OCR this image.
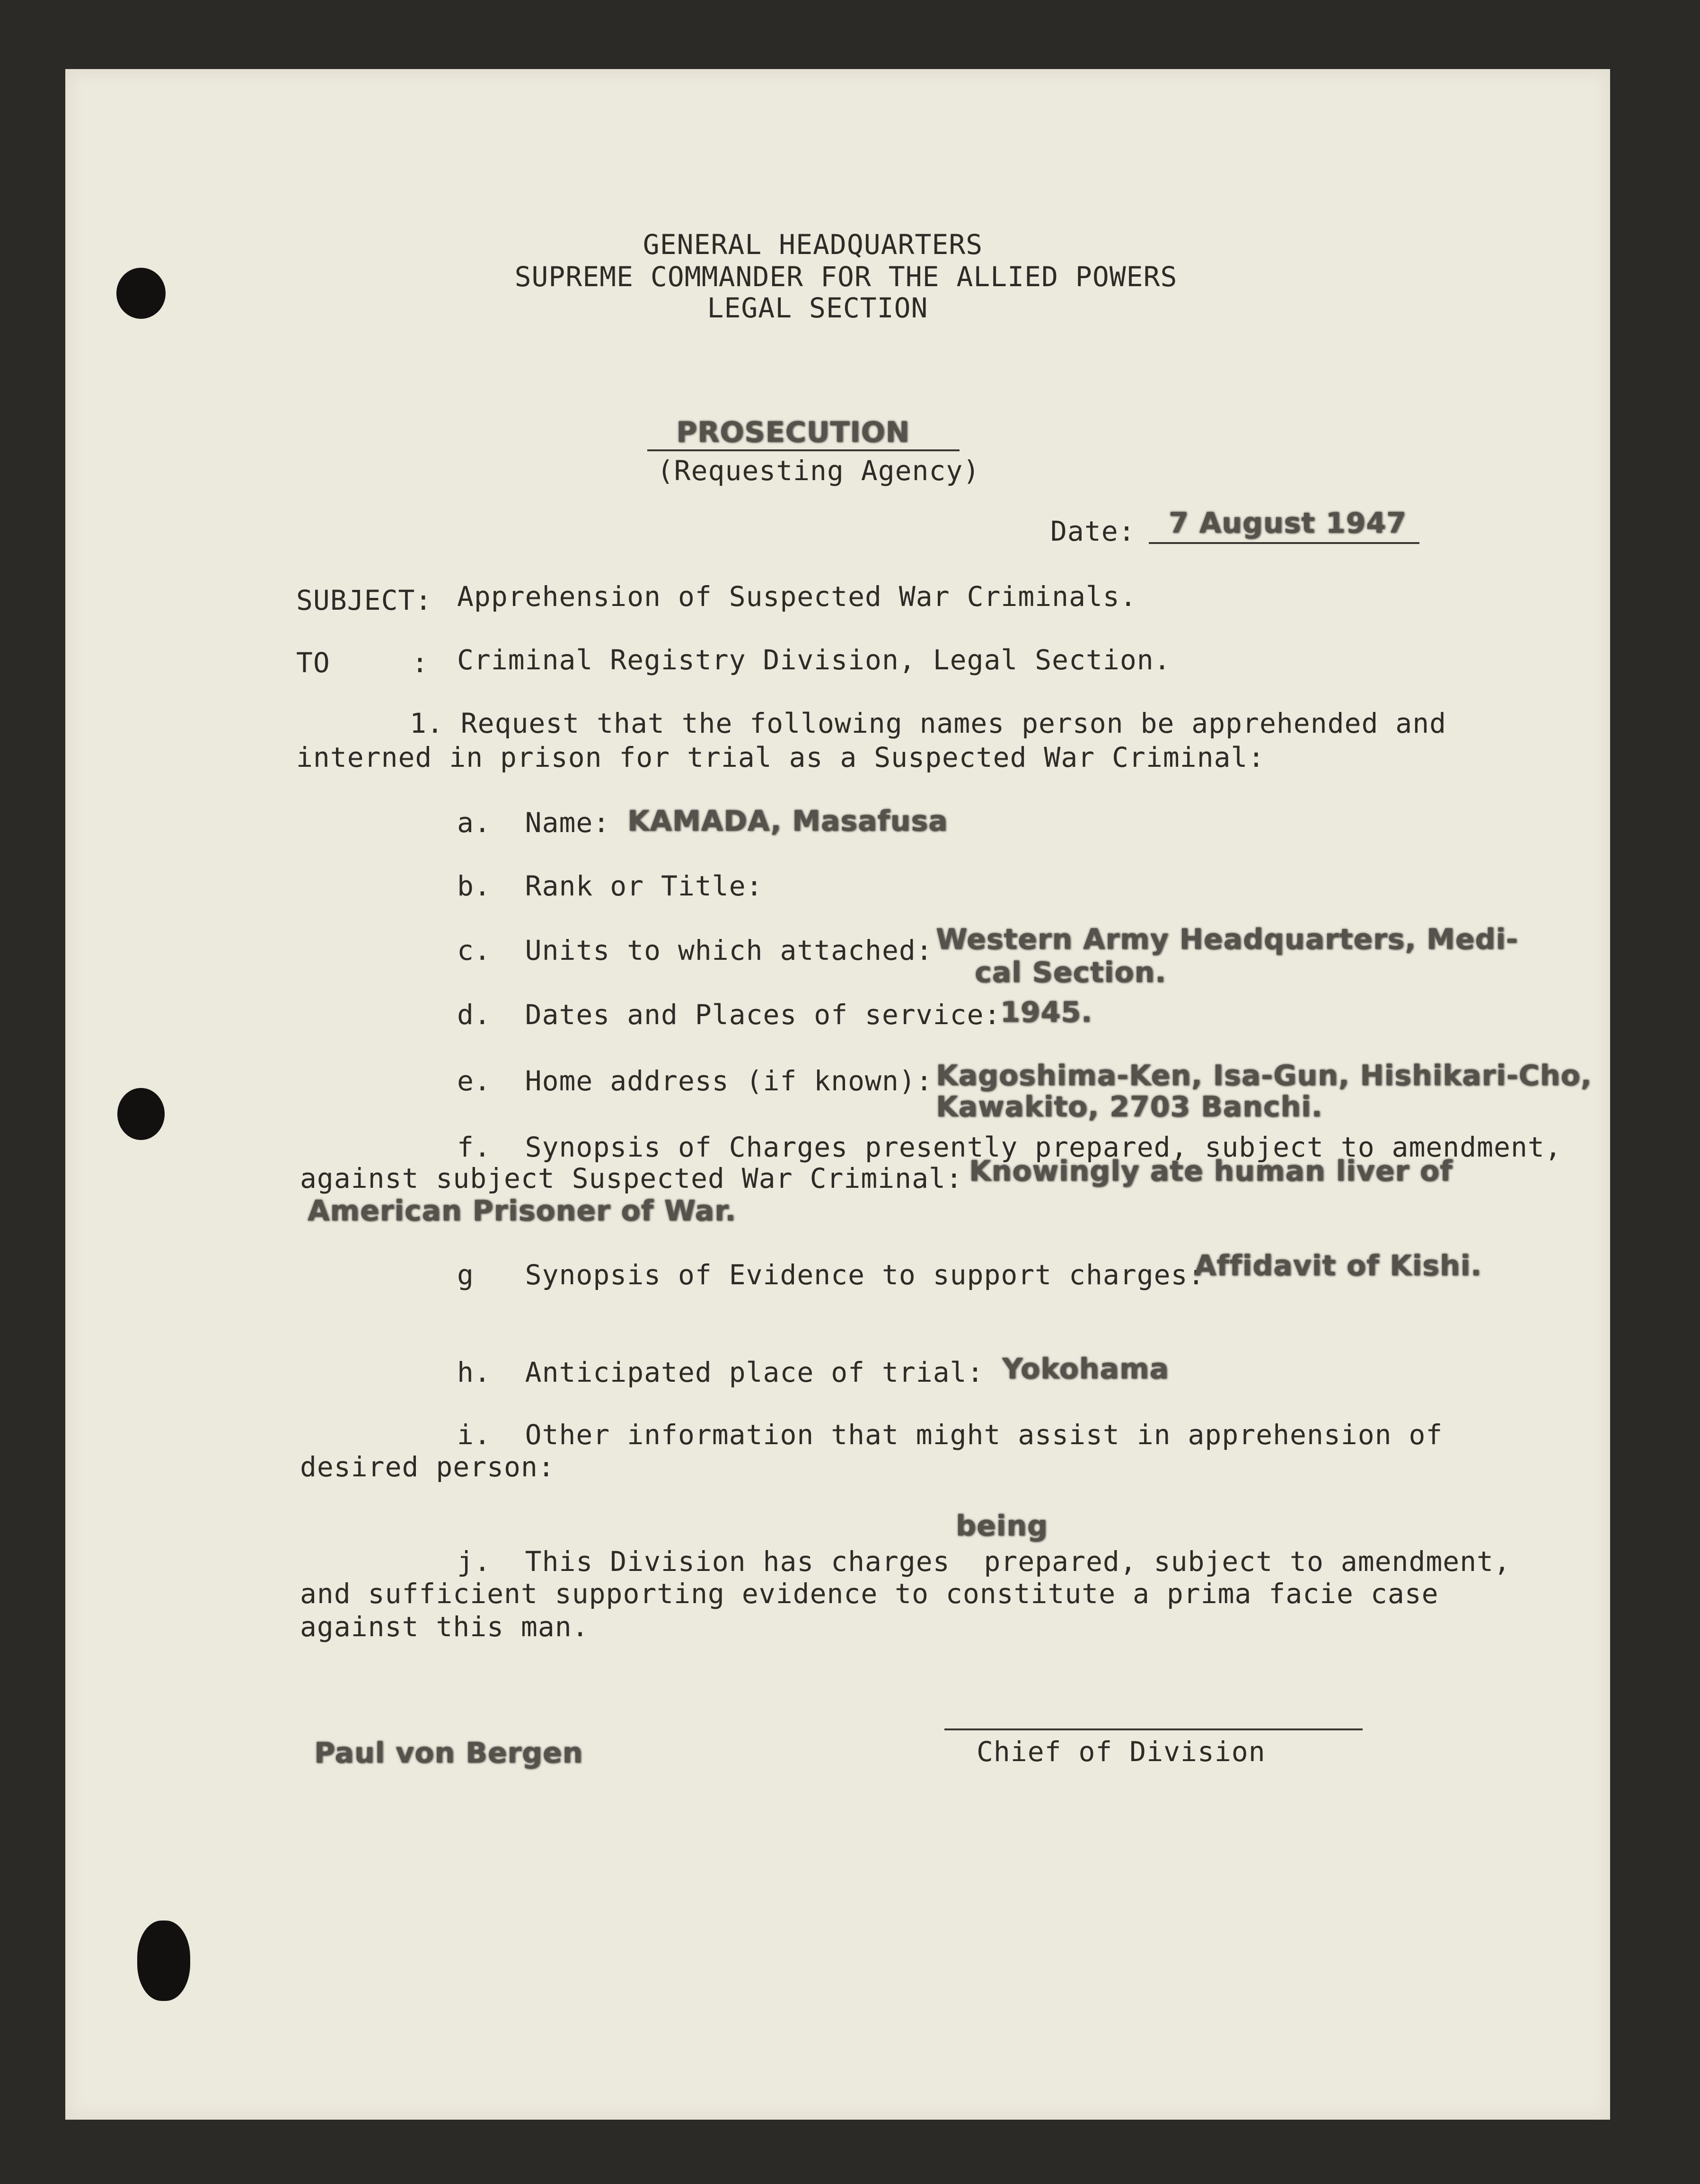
GENERAL HEADQUARTERS
SUPREME COMMANDER FOR THE ALLIED POWERS
LEGAL SECTION
PROSECUTION
(Requesting Agency)
Date: 7 August 1947
SUBJECT: Apprehension of Suspected War Criminals.
TO	: Criminal Registry Division, Legal Section.
1. Request that the following names person be apprehended and
interned in prison for trial as a Suspected War Criminal:
a.  Name: KAMADA, Masafusa
b.  Rank or Title:
c.  Units to which attached: Western Army Headquarters, Medi-
cal Section.
d.  Dates and Places of service:
1945.
e.  Home address (if known): Kagoshima-Ken, Isa-Gun, Hishikari-Cho,
Kawakito, 2703 Banchi.
f.  Synopsis of Charges presently prepared, subject to amendment,
against subject Suspected War Criminal: Knowingly ate human liver of
American Prisoner of War.
g   Synopsis of Evidence to support charges:
Affidavit of Kishi.
h.  Anticipated place of trial: Yokohama
i.  Other information that might assist in apprehension of
desired person:
being
j.  This Division has charges  prepared, subject to amendment,
and sufficient supporting evidence to constitute a prima facie case
against this man.
Paul von Bergen	Chief of Division
